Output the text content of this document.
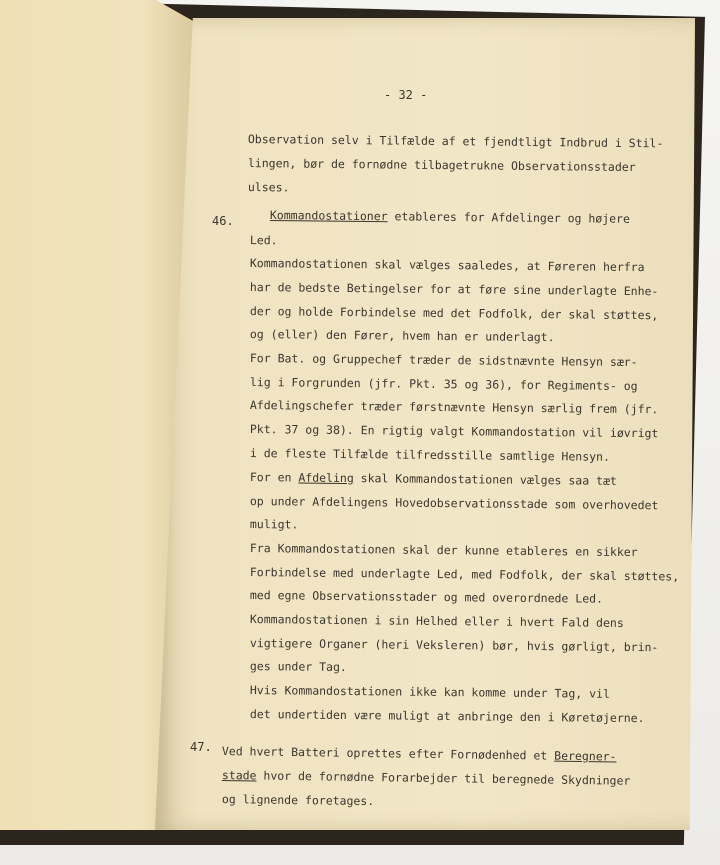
- 32 -
Observation selv i Tilfælde af et fjendtligt Indbrud i Stil-
lingen, bør de fornødne tilbagetrukne Observationsstader
ulses.
46.	Kommandostationer etableres for Afdelinger og højere
Led.
Kommandostationen skal vælges saaledes, at Føreren herfra
har de bedste Betingelser for at føre sine underlagte Enhe-
der og holde Forbindelse med det Fodfolk, der skal støttes,
og (eller) den Fører, hvem han er underlagt.
For Bat. og Gruppechef træder de sidstnævnte Hensyn sær-
lig i Forgrunden (jfr. Pkt. 35 og 36), for Regiments- og
Afdelingschefer træder førstnævnte Hensyn særlig frem (jfr.
Pkt. 37 og 38). En rigtig valgt Kommandostation vil iøvrigt
i de fleste Tilfælde tilfredsstille samtlige Hensyn.
For en Afdeling skal Kommandostationen vælges saa tæt
op under Afdelingens Hovedobservationsstade som overhovedet
muligt.
Fra Kommandostationen skal der kunne etableres en sikker
Forbindelse med underlagte Led, med Fodfolk, der skal støttes,
med egne Observationsstader og med overordnede Led.
Kommandostationen i sin Helhed eller i hvert Fald dens
vigtigere Organer (heri Veksleren) bør, hvis gørligt, brin-
ges under Tag.
Hvis Kommandostationen ikke kan komme under Tag, vil
det undertiden være muligt at anbringe den i Køretøjerne.
47. Ved hvert Batteri oprettes efter Fornødenhed et Beregner-
stade hvor de fornødne Forarbejder til beregnede Skydninger
og lignende foretages.
